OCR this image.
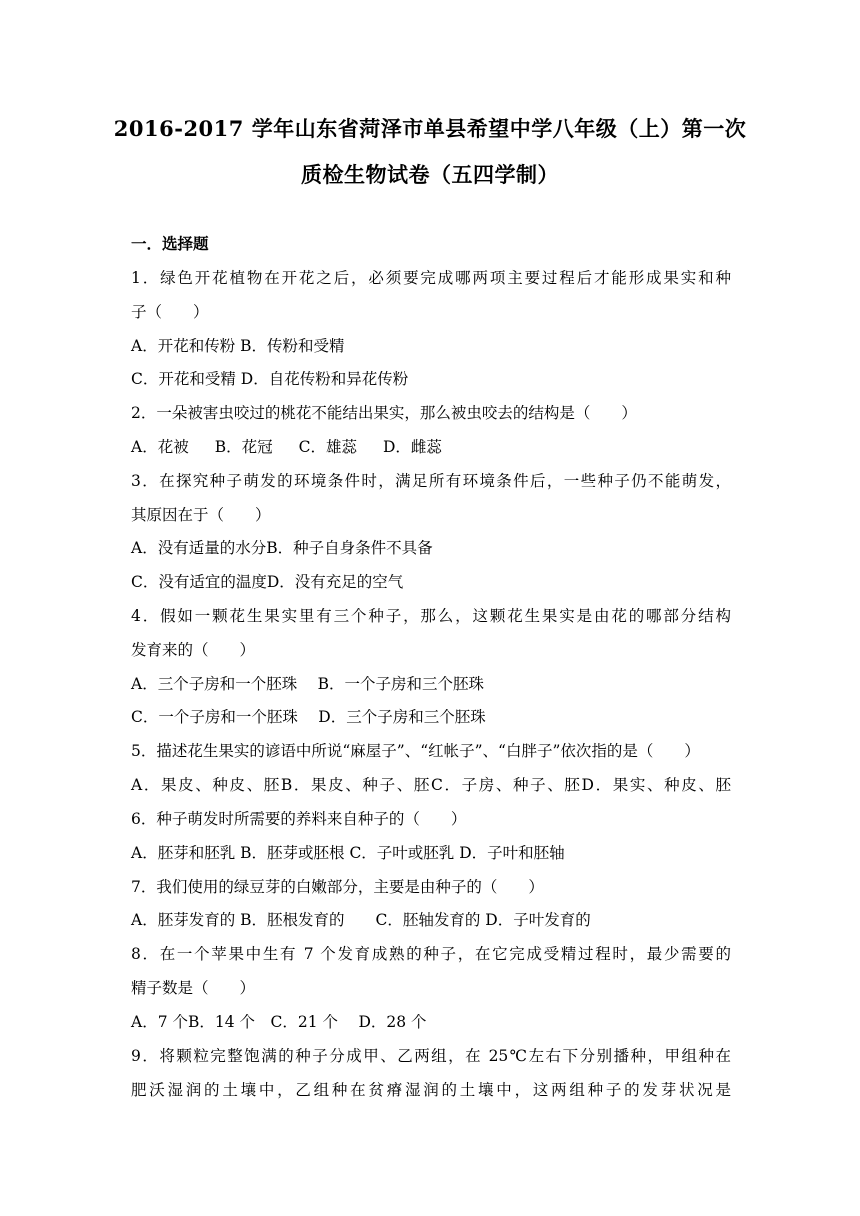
2016-2017 学年山东省菏泽市单县希望中学八年级（上）第一次
质检生物试卷（五四学制）
一．选择题
1．绿色开花植物在开花之后，必须要完成哪两项主要过程后才能形成果实和种
子（　　）
A．开花和传粉 B．传粉和受精
C．开花和受精 D．自花传粉和异花传粉
2．一朵被害虫咬过的桃花不能结出果实，那么被虫咬去的结构是（　　）
A．花被 B．花冠 C．雄蕊 D．雌蕊
3．在探究种子萌发的环境条件时，满足所有环境条件后，一些种子仍不能萌发，
其原因在于（　　）
A．没有适量的水分B．种子自身条件不具备
C．没有适宜的温度D．没有充足的空气
4．假如一颗花生果实里有三个种子，那么，这颗花生果实是由花的哪部分结构
发育来的（　　）
A．三个子房和一个胚珠　 B．一个子房和三个胚珠
C．一个子房和一个胚珠　 D．三个子房和三个胚珠
5．描述花生果实的谚语中所说“麻屋子”、“红帐子”、“白胖子”依次指的是（　　）
A．果皮、种皮、胚B．果皮、种子、胚C．子房、种子、胚D．果实、种皮、胚
6．种子萌发时所需要的养料来自种子的（　　）
A．胚芽和胚乳 B．胚芽或胚根 C．子叶或胚乳 D．子叶和胚轴
7．我们使用的绿豆芽的白嫩部分，主要是由种子的（　　）
A．胚芽发育的 B．胚根发育的　　C．胚轴发育的 D．子叶发育的
8．在一个苹果中生有 7 个发育成熟的种子，在它完成受精过程时，最少需要的
精子数是（　　）
A．7 个B．14 个　C．21 个　 D．28 个
9．将颗粒完整饱满的种子分成甲、乙两组，在 25℃左右下分别播种，甲组种在
肥沃湿润的土壤中，乙组种在贫瘠湿润的土壤中，这两组种子的发芽状况是
